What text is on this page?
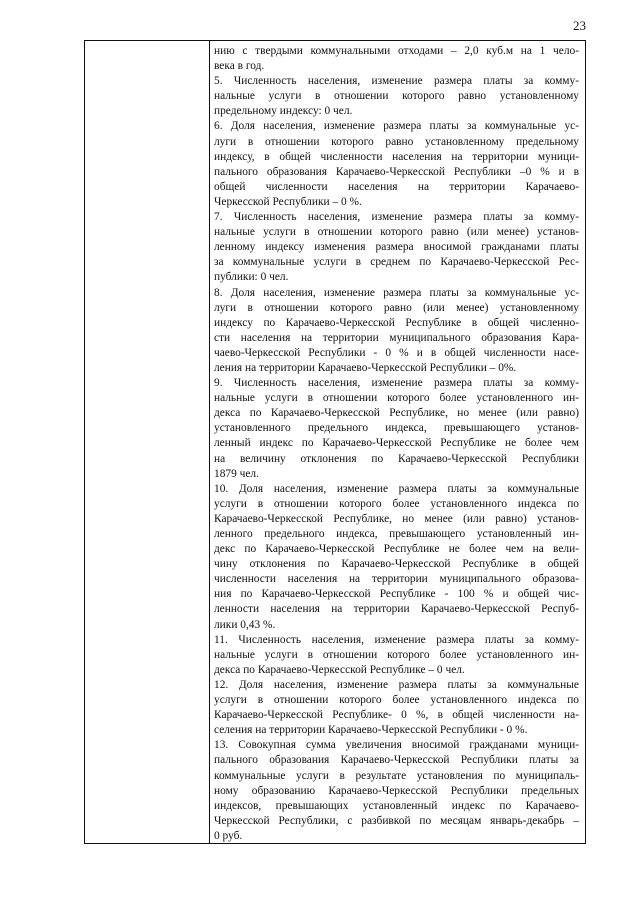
23
нию с твердыми коммунальными отходами – 2,0 куб.м на 1 чело-
века в год.
5. Численность населения, изменение размера платы за комму-
нальные услуги в отношении которого равно установленному
предельному индексу: 0 чел.
6. Доля населения, изменение размера платы за коммунальные ус-
луги в отношении которого равно установленному предельному
индексу, в общей численности населения на территории муници-
пального образования Карачаево-Черкесской Республики –0 % и в
общей численности населения на территории Карачаево-
Черкесской Республики – 0 %.
7. Численность населения, изменение размера платы за комму-
нальные услуги в отношении которого равно (или менее) установ-
ленному индексу изменения размера вносимой гражданами платы
за коммунальные услуги в среднем по Карачаево-Черкесской Рес-
публики: 0 чел.
8. Доля населения, изменение размера платы за коммунальные ус-
луги в отношении которого равно (или менее) установленному
индексу по Карачаево-Черкесской Республике в общей численно-
сти населения на территории муниципального образования Кара-
чаево-Черкесской Республики - 0 % и в общей численности насе-
ления на территории Карачаево-Черкесской Республики – 0%.
9. Численность населения, изменение размера платы за комму-
нальные услуги в отношении которого более установленного ин-
декса по Карачаево-Черкесской Республике, но менее (или равно)
установленного предельного индекса, превышающего установ-
ленный индекс по Карачаево-Черкесской Республике не более чем
на величину отклонения по Карачаево-Черкесской Республики
1879 чел.
10. Доля населения, изменение размера платы за коммунальные
услуги в отношении которого более установленного индекса по
Карачаево-Черкесской Республике, но менее (или равно) установ-
ленного предельного индекса, превышающего установленный ин-
декс по Карачаево-Черкесской Республике не более чем на вели-
чину отклонения по Карачаево-Черкесской Республике в общей
численности населения на территории муниципального образова-
ния по Карачаево-Черкесской Республике - 100 % и общей чис-
ленности населения на территории Карачаево-Черкесской Респуб-
лики 0,43 %.
11. Численность населения, изменение размера платы за комму-
нальные услуги в отношении которого более установленного ин-
декса по Карачаево-Черкесской Республике – 0 чел.
12. Доля населения, изменение размера платы за коммунальные
услуги в отношении которого более установленного индекса по
Карачаево-Черкесской Республике- 0 %, в общей численности на-
селения на территории Карачаево-Черкесской Республики - 0 %.
13. Совокупная сумма увеличения вносимой гражданами муници-
пального образования Карачаево-Черкесской Республики платы за
коммунальные услуги в результате установления по муниципаль-
ному образованию Карачаево-Черкесской Республики предельных
индексов, превышающих установленный индекс по Карачаево-
Черкесской Республики, с разбивкой по месяцам январь-декабрь –
0 руб.
